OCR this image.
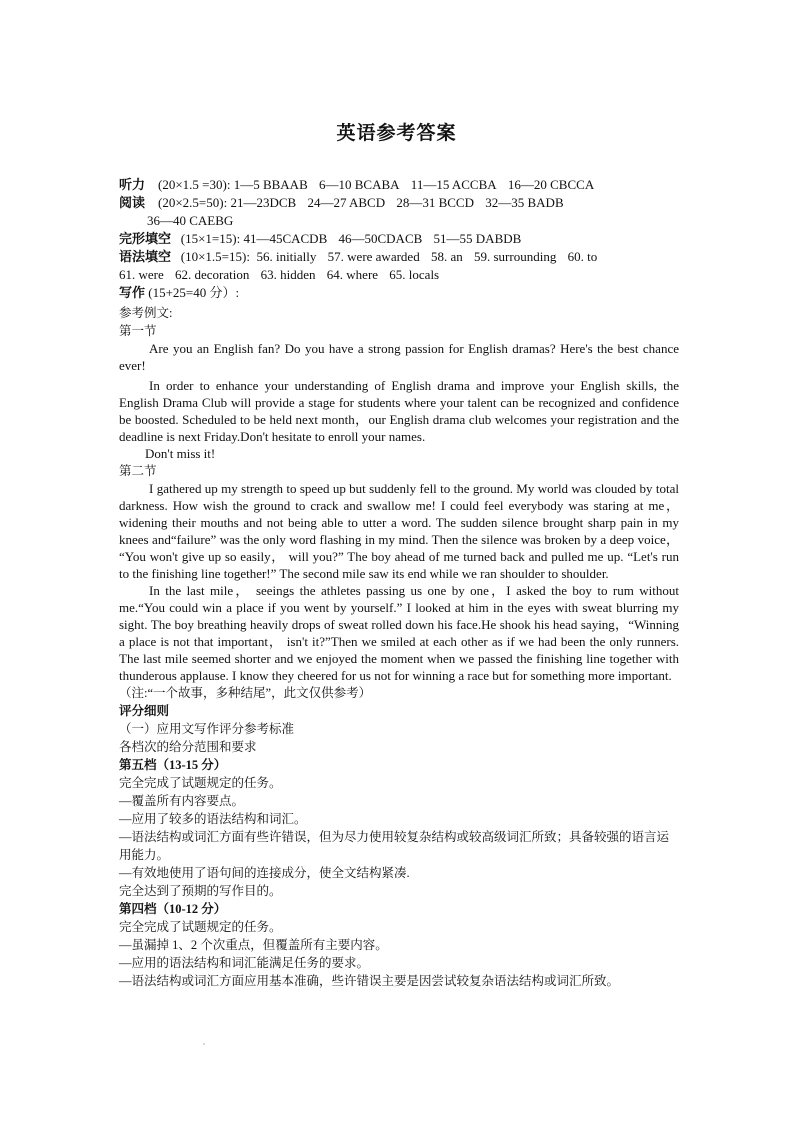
英语参考答案
听力 (20×1.5 =30): 1—5 BBAAB 6—10 BCABA 11—15 ACCBA 16—20 CBCCA
阅读 (20×2.5=50): 21—23DCB 24—27 ABCD 28—31 BCCD 32—35 BADB
36—40 CAEBG
完形填空 (15×1=15): 41—45CACDB 46—50CDACB 51—55 DABDB
语法填空 (10×1.5=15): 56. initially 57. were awarded 58. an 59. surrounding 60. to
61. were 62. decoration 63. hidden 64. where 65. locals
写作 (15+25=40 分）:
参考例文:
第一节
Are you an English fan? Do you have a strong passion for English dramas? Here's the best chance ever!
In order to enhance your understanding of English drama and improve your English skills, the English Drama Club will provide a stage for students where your talent can be recognized and confidence be boosted. Scheduled to be held next month，our English drama club welcomes your registration and the deadline is next Friday.Don't hesitate to enroll your names.
Don't miss it!
第二节
I gathered up my strength to speed up but suddenly fell to the ground. My world was clouded by total darkness. How wish the ground to crack and swallow me! I could feel everybody was staring at me， widening their mouths and not being able to utter a word. The sudden silence brought sharp pain in my knees and“failure” was the only word flashing in my mind. Then the silence was broken by a deep voice， “You won't give up so easily， will you?” The boy ahead of me turned back and pulled me up. “Let's run to the finishing line together!” The second mile saw its end while we ran shoulder to shoulder.
In the last mile， seeings the athletes passing us one by one，I asked the boy to rum without me.“You could win a place if you went by yourself.” I looked at him in the eyes with sweat blurring my sight. The boy breathing heavily drops of sweat rolled down his face.He shook his head saying，“Winning a place is not that important， isn't it?”Then we smiled at each other as if we had been the only runners. The last mile seemed shorter and we enjoyed the moment when we passed the finishing line together with thunderous applause. I know they cheered for us not for winning a race but for something more important.
（注:“一个故事，多种结尾”，此文仅供参考）
评分细则
（一）应用文写作评分参考标准
各档次的给分范围和要求
第五档（13-15 分）
完全完成了试题规定的任务。
—覆盖所有内容要点。
—应用了较多的语法结构和词汇。
—语法结构或词汇方面有些许错误，但为尽力使用较复杂结构或较高级词汇所致；具备较强的语言运用能力。
—有效地使用了语句间的连接成分，使全文结构紧凑.
完全达到了预期的写作目的。
第四档（10-12 分）
完全完成了试题规定的任务。
—虽漏掉 1、2 个次重点，但覆盖所有主要内容。
—应用的语法结构和词汇能满足任务的要求。
—语法结构或词汇方面应用基本准确，些许错误主要是因尝试较复杂语法结构或词汇所致。
